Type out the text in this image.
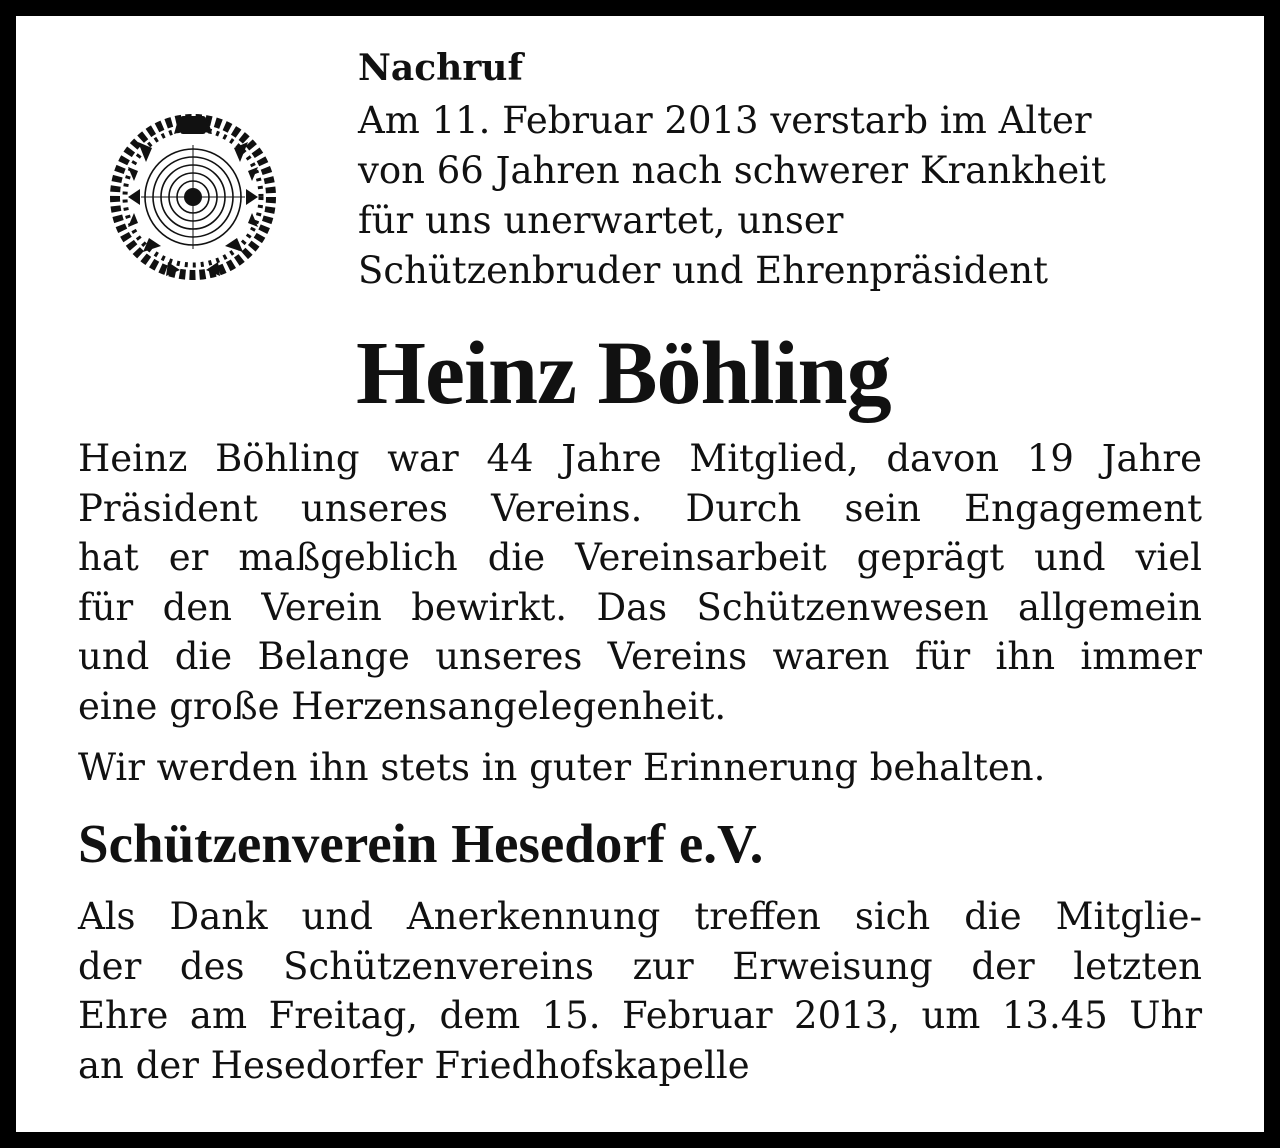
Nachruf
Am 11. Februar 2013 verstarb im Alter
von 66 Jahren nach schwerer Krankheit
für uns unerwartet, unser
Schützenbruder und Ehrenpräsident
Heinz Böhling
Heinz Böhling war 44 Jahre Mitglied, davon 19 Jahre
Präsident unseres Vereins. Durch sein Engagement
hat er maßgeblich die Vereinsarbeit geprägt und viel
für den Verein bewirkt. Das Schützenwesen allgemein
und die Belange unseres Vereins waren für ihn immer
eine große Herzensangelegenheit.
Wir werden ihn stets in guter Erinnerung behalten.
Schützenverein Hesedorf e.V.
Als Dank und Anerkennung treffen sich die Mitglie-
der des Schützenvereins zur Erweisung der letzten
Ehre am Freitag, dem 15. Februar 2013, um 13.45 Uhr
an der Hesedorfer Friedhofskapelle
